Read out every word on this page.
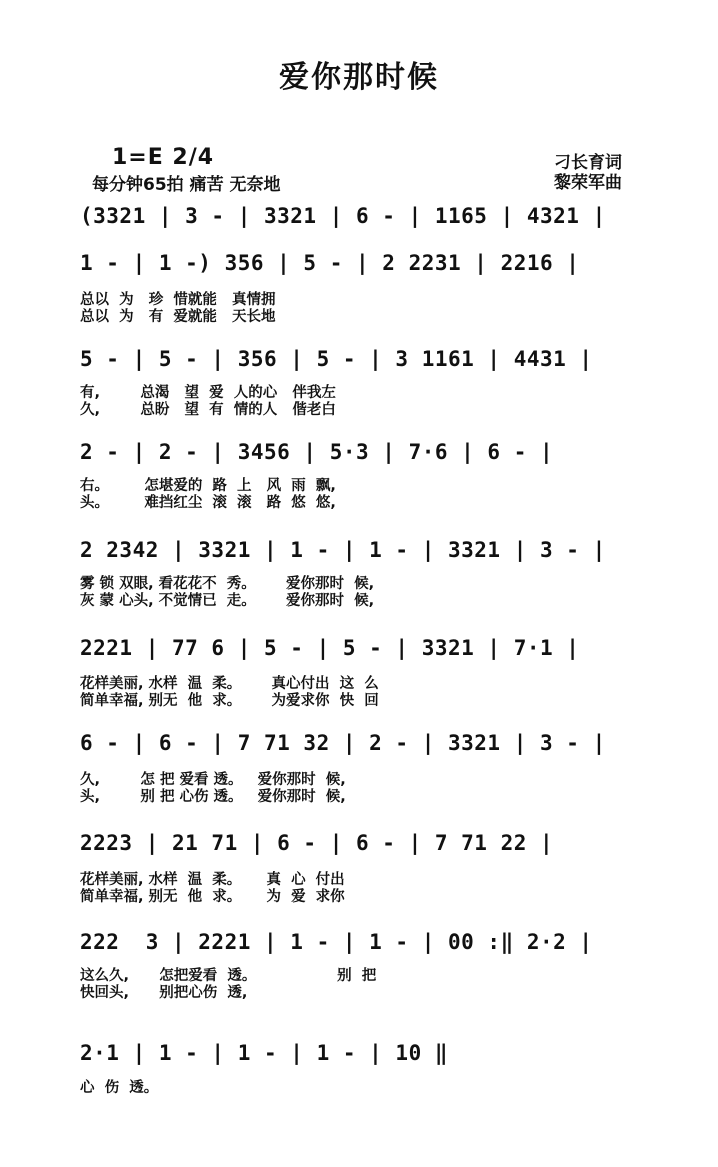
爱你那时候
1=E 2/4
每分钟65拍 痛苦 无奈地
刁长育词
黎荣军曲
(3321 | 3 - | 3321 | 6 - | 1165 | 4321 |
1 - | 1 -) 356 | 5 - | 2 2231 | 2216 |
总以  为   珍  惜就能   真情拥
总以  为   有  爱就能   天长地
5 - | 5 - | 356 | 5 - | 3 1161 | 4431 |
有,        总渴   望  爱  人的心   伴我左
久,        总盼   望  有  情的人   偕老白
2 - | 2 - | 3456 | 5·3 | 7·6 | 6 - |
右。       怎堪爱的  路  上   风  雨  飘,
头。       难挡红尘  滚  滚   路  悠  悠,
2 2342 | 3321 | 1 - | 1 - | 3321 | 3 - |
雾 锁 双眼, 看花花不  秀。      爱你那时  候,
灰 蒙 心头, 不觉情已  走。      爱你那时  候,
2221 | 77 6 | 5 - | 5 - | 3321 | 7·1 |
花样美丽, 水样  温  柔。      真心付出  这  么
简单幸福, 别无  他  求。      为爱求你  快  回
6 - | 6 - | 7 71 32 | 2 - | 3321 | 3 - |
久,        怎 把 爱看 透。   爱你那时  候,
头,        别 把 心伤 透。   爱你那时  候,
2223 | 21 71 | 6 - | 6 - | 7 71 22 |
花样美丽, 水样  温  柔。     真  心  付出
简单幸福, 别无  他  求。     为  爱  求你
222  3 | 2221 | 1 - | 1 - | 00 :‖ 2·2 |
这么久,      怎把爱看  透。                别  把
快回头,      别把心伤  透,
2·1 | 1 - | 1 - | 1 - | 10 ‖
心  伤  透。
